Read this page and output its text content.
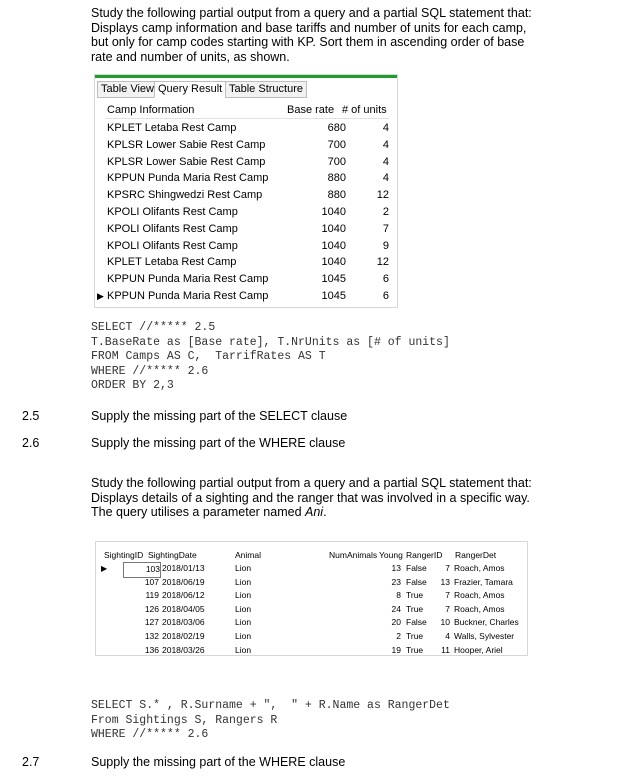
Study the following partial output from a query and a partial SQL statement that: Displays camp information and base tariffs and number of units for each camp, but only for camp codes starting with KP. Sort them in ascending order of base rate and number of units, as shown.
Table View Query Result Table Structure
Camp Information	Base rate # of units
KPLET Letaba Rest Camp	680	4
KPLSR Lower Sabie Rest Camp	700	4
KPLSR Lower Sabie Rest Camp	700	4
KPPUN Punda Maria Rest Camp	880	4
KPSRC Shingwedzi Rest Camp	880	12
KPOLI Olifants Rest Camp	1040	2
KPOLI Olifants Rest Camp	1040	7
KPOLI Olifants Rest Camp	1040	9
KPLET Letaba Rest Camp	1040	12
KPPUN Punda Maria Rest Camp	1045	6
KPPUN Punda Maria Rest Camp	1045	6
▶
SELECT //***** 2.5
T.BaseRate as [Base rate], T.NrUnits as [# of units]
FROM Camps AS C,  TarrifRates AS T
WHERE //***** 2.6
ORDER BY 2,3
2.5	Supply the missing part of the SELECT clause
2.6	Supply the missing part of the WHERE clause
Study the following partial output from a query and a partial SQL statement that: Displays details of a sighting and the ranger that was involved in a specific way. The query utilises a parameter named Ani.
SightingID SightingDate	Animal	NumAnimals Young RangerID RangerDet
103 2018/01/13	Lion	13 False	7 Roach, Amos
▶
107 2018/06/19	Lion	23 False	13 Frazier, Tamara
119 2018/06/12	Lion	8 True	7 Roach, Amos
126 2018/04/05	Lion	24 True	7 Roach, Amos
127 2018/03/06	Lion	20 False	10 Buckner, Charles
132 2018/02/19	Lion	2 True	4 Walls, Sylvester
136 2018/03/26	Lion	19 True	11 Hooper, Ariel
SELECT S.* , R.Surname + ",  " + R.Name as RangerDet
From Sightings S, Rangers R
WHERE //***** 2.6
2.7	Supply the missing part of the WHERE clause
